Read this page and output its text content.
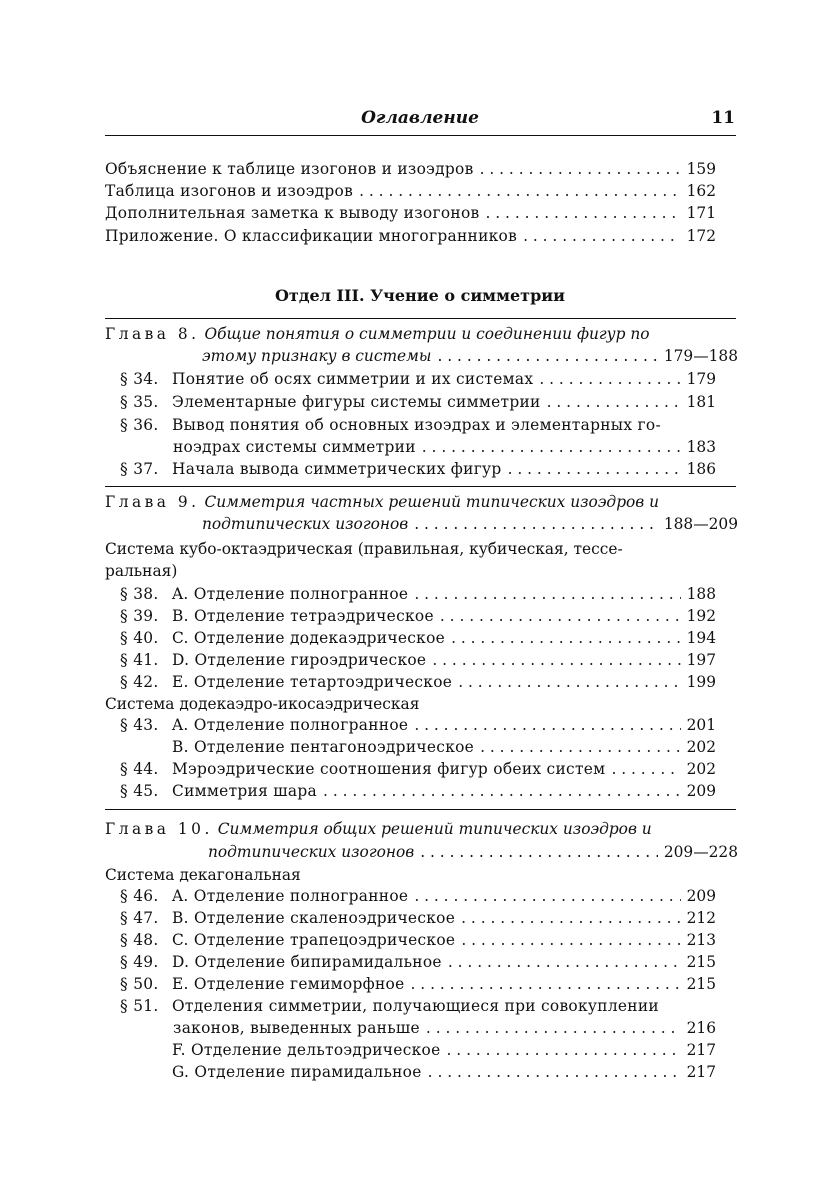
Оглавление	11
Объяснение к таблице изогонов и изоэдров . . .	159
Таблица изогонов и изоэдров . . .	162
Дополнительная заметка к выводу изогонов . . .	171
Приложение. О классификации многогранников . . .	172
Отдел III. Учение о симметрии
Глава 8. Общие понятия о симметрии и соединении фигур по
этому признаку в системы . . .	179—188
§ 34. Понятие об осях симметрии и их системах . . .	179
§ 35. Элементарные фигуры системы симметрии . . .	181
§ 36. Вывод понятия об основных изоэдрах и элементарных го-
ноэдрах системы симметрии . . .	183
§ 37. Начала вывода симметрических фигур . . .	186
Глава 9. Симметрия частных решений типических изоэдров и
подтипических изогонов . . .	188—209
Система кубо-октаэдрическая (правильная, кубическая, тессе-
ральная)
§ 38. A. Отделение полногранное . . .	188
§ 39. B. Отделение тетраэдрическое . . .	192
§ 40. C. Отделение додекаэдрическое . . .	194
§ 41. D. Отделение гироэдрическое . . .	197
§ 42. E. Отделение тетартоэдрическое . . .	199
Система додекаэдро-икосаэдрическая
§ 43. A. Отделение полногранное . . .	201
B. Отделение пентагоноэдрическое . . .	202
§ 44. Мэроэдрические соотношения фигур обеих систем . . .	202
§ 45. Симметрия шара . . .	209
Глава 10. Симметрия общих решений типических изоэдров и
подтипических изогонов . . .	209—228
Система декагональная
§ 46. A. Отделение полногранное . . .	209
§ 47. B. Отделение скаленоэдрическое . . .	212
§ 48. C. Отделение трапецоэдрическое . . .	213
§ 49. D. Отделение бипирамидальное . . .	215
§ 50. E. Отделение гемиморфное . . .	215
§ 51. Отделения симметрии, получающиеся при совокуплении
законов, выведенных раньше . . .	216
F. Отделение дельтоэдрическое . . .	217
G. Отделение пирамидальное . . .	217
